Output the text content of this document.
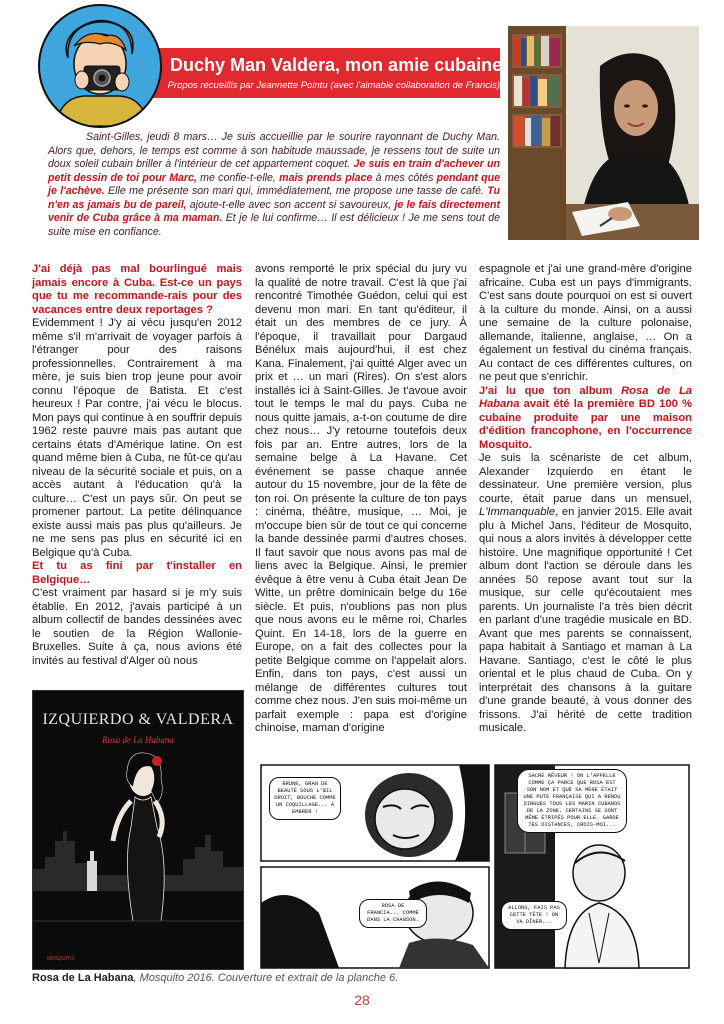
Duchy Man Valdera, mon amie cubaine
Propos recueillis par Jeannette Pointu (avec l'aimable collaboration de Francis)
Saint-Gilles, jeudi 8 mars… Je suis accueillie par le sourire rayonnant de Duchy Man. Alors que, dehors, le temps est comme à son habitude maussade, je ressens tout de suite un doux soleil cubain briller à l'intérieur de cet appartement coquet. Je suis en train d'achever un petit dessin de toi pour Marc, me confie-t-elle, mais prends place à mes côtés pendant que je l'achève. Elle me présente son mari qui, immédiatement, me propose une tasse de café. Tu n'en as jamais bu de pareil, ajoute-t-elle avec son accent si savoureux, je le fais directement venir de Cuba grâce à ma maman. Et je le lui confirme… Il est délicieux ! Je me sens tout de suite mise en confiance.

J'ai déjà pas mal bourlingué mais jamais encore à Cuba. Est-ce un pays que tu me recommande-rais pour des vacances entre deux reportages ?

Evidemment ! J'y ai vécu jusqu'en 2012 même s'il m'arrivait de voyager parfois à l'étranger pour des raisons professionnelles. Contrairement à ma mère, je suis bien trop jeune pour avoir connu l'époque de Batista. Et c'est heureux ! Par contre, j'ai vécu le blocus. Mon pays qui continue à en souffrir depuis 1962 reste pauvre mais pas autant que certains états d'Amérique latine. On est quand même bien à Cuba, ne fût-ce qu'au niveau de la sécurité sociale et puis, on a accès autant à l'éducation qu'à la culture… C'est un pays sûr. On peut se promener partout. La petite délinquance existe aussi mais pas plus qu'ailleurs. Je ne me sens pas plus en sécurité ici en Belgique qu'à Cuba.

Et tu as fini par t'installer en Belgique…

C'est vraiment par hasard si je m'y suis établie. En 2012, j'avais participé à un album collectif de bandes dessinées avec le soutien de la Région Wallonie-Bruxelles. Suite à ça, nous avions été invités au festival d'Alger où nous

avons remporté le prix spécial du jury vu la qualité de notre travail. C'est là que j'ai rencontré Timothée Guédon, celui qui est devenu mon mari. En tant qu'éditeur, il était un des membres de ce jury. À l'époque, il travaillait pour Dargaud Bénélux mais aujourd'hui, il est chez Kana. Finalement, j'ai quitté Alger avec un prix et … un mari (Rires). On s'est alors installés ici à Saint-Gilles. Je t'avoue avoir tout le temps le mal du pays. Cuba ne nous quitte jamais, a-t-on coutume de dire chez nous… J'y retourne toutefois deux fois par an. Entre autres, lors de la semaine belge à La Havane. Cet événement se passe chaque année autour du 15 novembre, jour de la fête de ton roi. On présente la culture de ton pays : cinéma, théâtre, musique, … Moi, je m'occupe bien sûr de tout ce qui concerne la bande dessinée parmi d'autres choses. Il faut savoir que nous avons pas mal de liens avec la Belgique. Ainsi, le premier évêque à être venu à Cuba était Jean De Witte, un prêtre dominicain belge du 16e siècle. Et puis, n'oublions pas non plus que nous avons eu le même roi, Charles Quint. En 14-18, lors de la guerre en Europe, on a fait des collectes pour la petite Belgique comme on l'appelait alors. Enfin, dans ton pays, c'est aussi un mélange de différentes cultures tout comme chez nous. J'en suis moi-même un parfait exemple : papa est d'origine chinoise, maman d'origine

espagnole et j'ai une grand-mère d'origine africaine. Cuba est un pays d'immigrants. C'est sans doute pourquoi on est si ouvert à la culture du monde. Ainsi, on a aussi une semaine de la culture polonaise, allemande, italienne, anglaise, … On a également un festival du cinéma français. Au contact de ces différentes cultures, on ne peut que s'enrichir.

J'ai lu que ton album Rosa de La Habana avait été la première BD 100 % cubaine produite par une maison d'édition francophone, en l'occurrence Mosquito.

Je suis la scénariste de cet album, Alexander Izquierdo en étant le dessinateur. Une première version, plus courte, était parue dans un mensuel, L'Immanquable, en janvier 2015. Elle avait plu à Michel Jans, l'éditeur de Mosquito, qui nous a alors invités à développer cette histoire. Une magnifique opportunité ! Cet album dont l'action se déroule dans les années 50 repose avant tout sur la musique, sur celle qu'écoutaient mes parents. Un journaliste l'a très bien décrit en parlant d'une tragédie musicale en BD. Avant que mes parents se connaissent, papa habitait à Santiago et maman à La Havane. Santiago, c'est le côté le plus oriental et le plus chaud de Cuba. On y interprétait des chansons à la guitare d'une grande beauté, à vous donner des frissons. J'ai hérité de cette tradition musicale.

IZQUIERDO & VALDERA
Rosa de La Habana
MOSQUITO
BRUNE, GRAN DE BEAUTÉ SOUS L'ŒIL DROIT, BOUCHE COMME UN COQUILLAGE... À EMBRER !
ROSA DE FRANCIA... COMME DANS LA CHANSON.
SACRÉ RÊVEUR ! ON L'APPELLE COMME ÇA PARCE QUE ROSA EST SON NOM ET QUE SA MÈRE ÉTAIT UNE PUTE FRANÇAISE QUI A RENDU DINGUES TOUS LES MARIN CUBANOS DE LA ZONE. CERTAINS SE SONT MÊME ÉTRIPÉS POUR ELLE. GARDE TES DISTANCES, CROIS-MOI...
ALLONS, FAIS PAS CETTE TÊTE ! ON VA DÎNER...
Rosa de La Habana, Mosquito 2016. Couverture et extrait de la planche 6.
28
